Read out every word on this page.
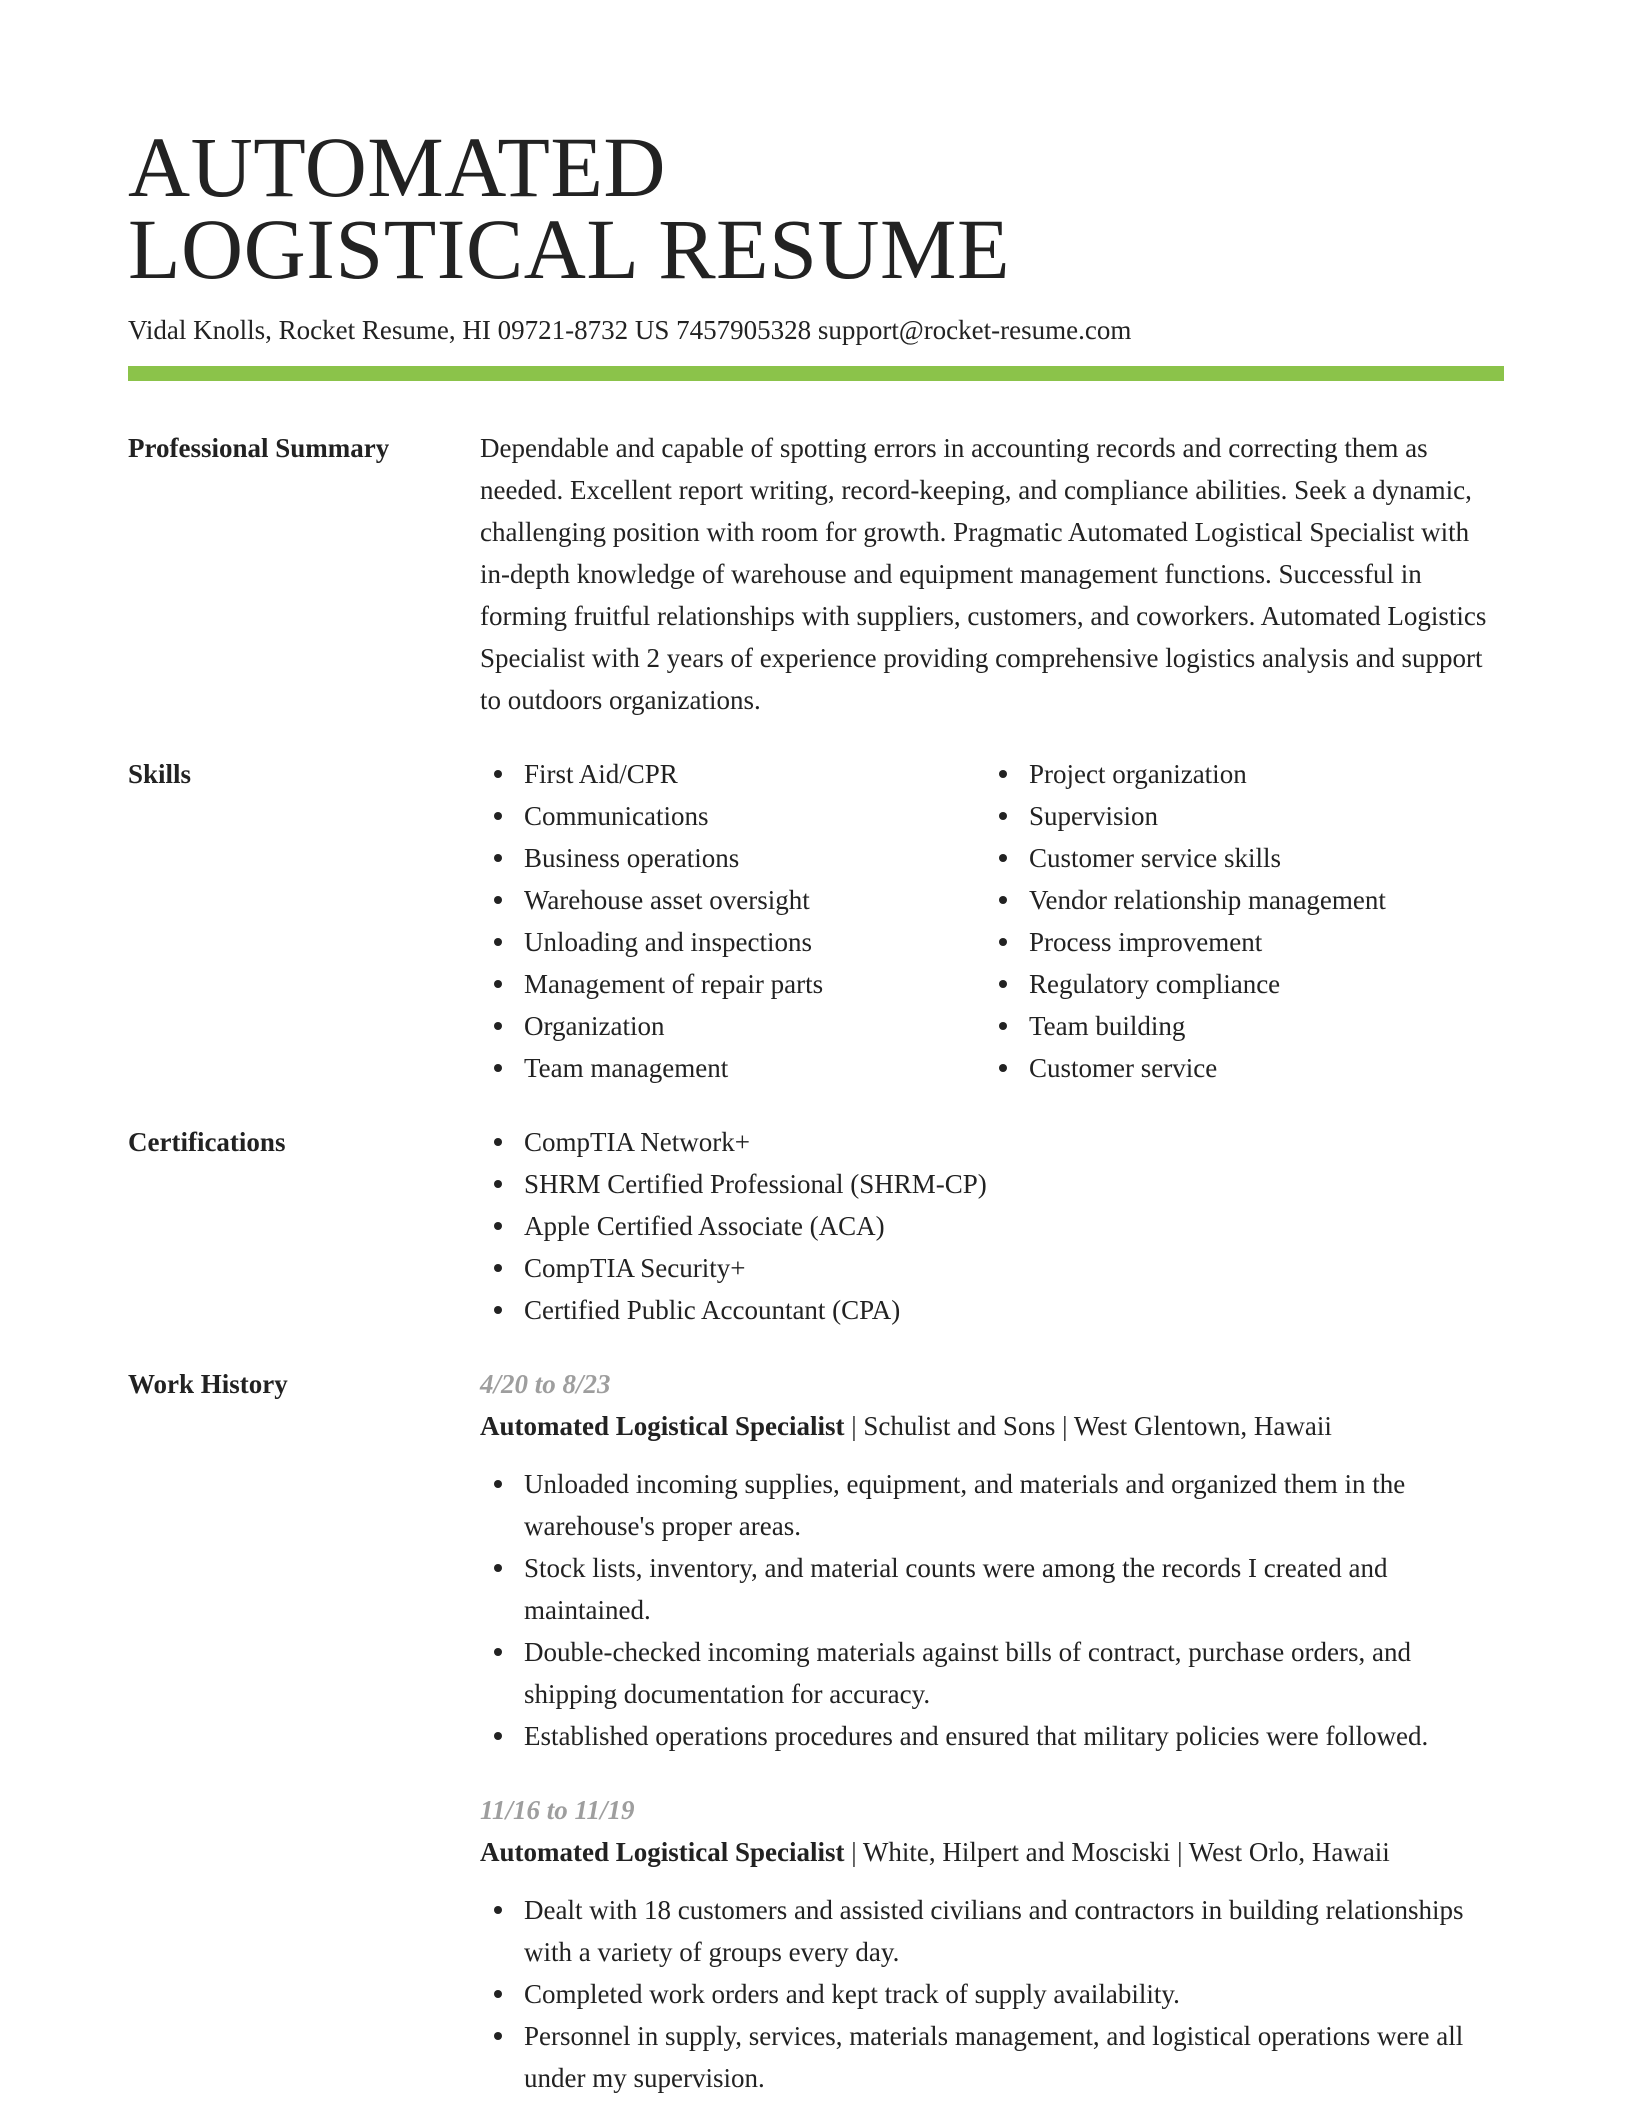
AUTOMATED
LOGISTICAL RESUME
Vidal Knolls, Rocket Resume, HI 09721-8732 US 7457905328 support@rocket-resume.com
Professional Summary	Dependable and capable of spotting errors in accounting records and correcting them as needed. Excellent report writing, record-keeping, and compliance abilities. Seek a dynamic, challenging position with room for growth. Pragmatic Automated Logistical Specialist with in-depth knowledge of warehouse and equipment management functions. Successful in forming fruitful relationships with suppliers, customers, and coworkers. Automated Logistics Specialist with 2 years of experience providing comprehensive logistics analysis and support to outdoors organizations.
Skills	First Aid/CPR
Communications
Business operations
Warehouse asset oversight
Unloading and inspections
Management of repair parts
Organization
Team management
Project organization
Supervision
Customer service skills
Vendor relationship management
Process improvement
Regulatory compliance
Team building
Customer service
Certifications	CompTIA Network+
SHRM Certified Professional (SHRM-CP)
Apple Certified Associate (ACA)
CompTIA Security+
Certified Public Accountant (CPA)
Work History	4/20 to 8/23
Automated Logistical Specialist | Schulist and Sons | West Glentown, Hawaii
Unloaded incoming supplies, equipment, and materials and organized them in the warehouse's proper areas.
Stock lists, inventory, and material counts were among the records I created and maintained.
Double-checked incoming materials against bills of contract, purchase orders, and shipping documentation for accuracy.
Established operations procedures and ensured that military policies were followed.
11/16 to 11/19
Automated Logistical Specialist | White, Hilpert and Mosciski | West Orlo, Hawaii
Dealt with 18 customers and assisted civilians and contractors in building relationships with a variety of groups every day.
Completed work orders and kept track of supply availability.
Personnel in supply, services, materials management, and logistical operations were all under my supervision.
